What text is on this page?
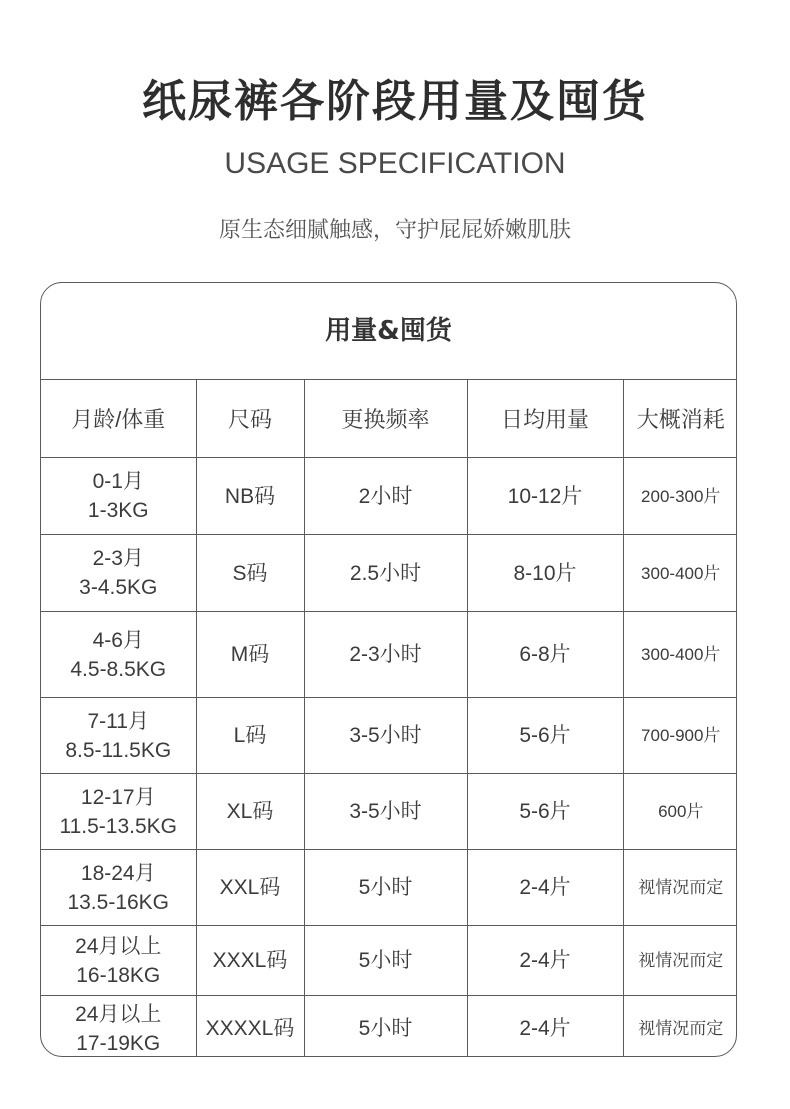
纸尿裤各阶段用量及囤货
USAGE SPECIFICATION
原生态细腻触感，守护屁屁娇嫩肌肤
用量&囤货
月龄/体重	尺码	更换频率	日均用量	大概消耗

0-1月
1-3KG	NB码	2小时	10-12片	200-300片

2-3月
3-4.5KG	S码	2.5小时	8-10片	300-400片

4-6月
4.5-8.5KG	M码	2-3小时	6-8片	300-400片

7-11月
8.5-11.5KG	L码	3-5小时	5-6片	700-900片

12-17月
11.5-13.5KG	XL码	3-5小时	5-6片	600片

18-24月
13.5-16KG	XXL码	5小时	2-4片	视情况而定

24月以上
16-18KG	XXXL码	5小时	2-4片	视情况而定

24月以上
17-19KG	XXXXL码	5小时	2-4片	视情况而定
